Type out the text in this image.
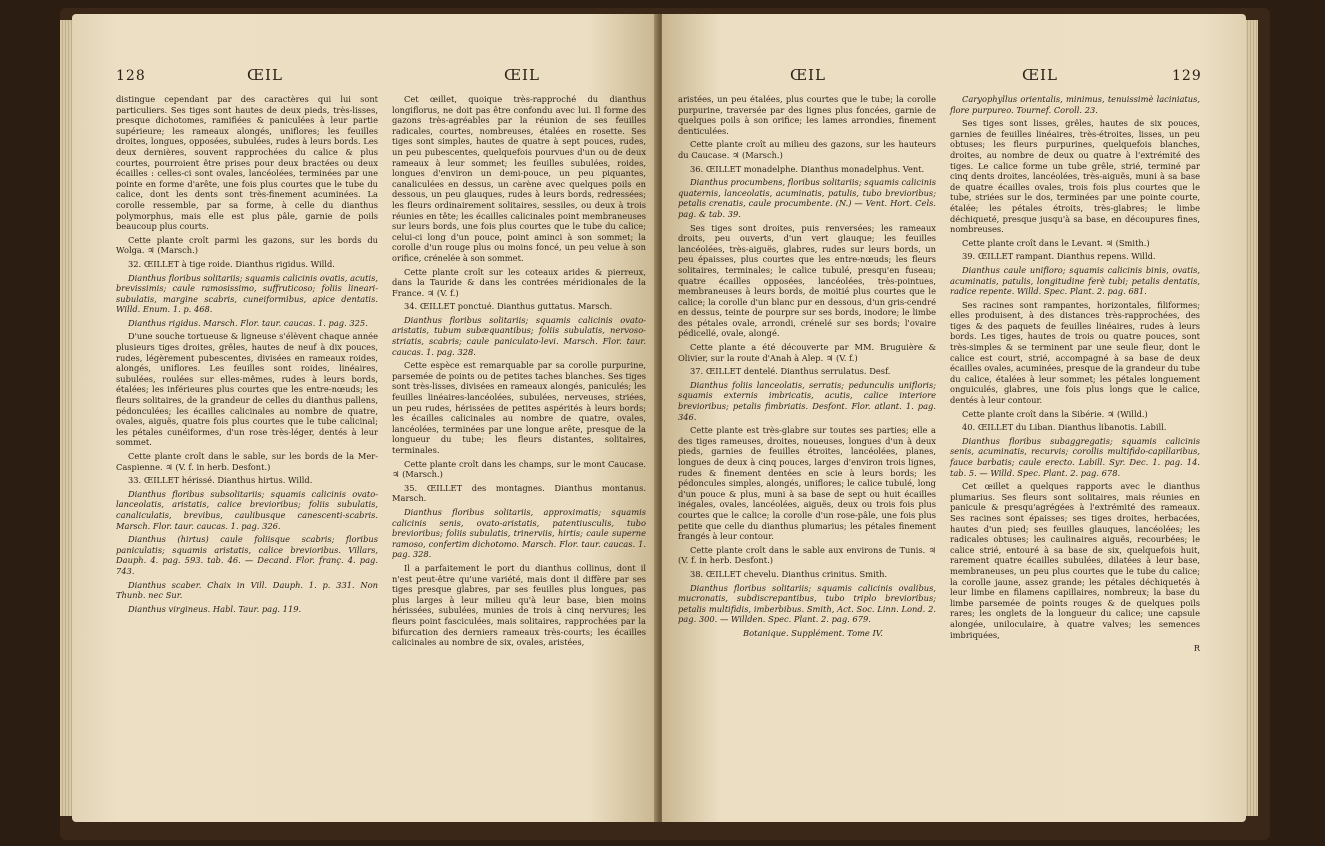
128	ŒIL	ŒIL

distingue cependant par des caractères qui lui sont particuliers. Ses tiges sont hautes de deux pieds, très-lisses, presque dichotomes, ramifiées & paniculées à leur partie supérieure; les rameaux alongés, uniflores; les feuilles droites, longues, opposées, subulées, rudes à leurs bords. Les deux dernières, souvent rapprochées du calice & plus courtes, pourroient être prises pour deux bractées ou deux écailles : celles-ci sont ovales, lancéolées, terminées par une pointe en forme d'arête, une fois plus courtes que le tube du calice, dont les dents sont très-finement acuminées. La corolle ressemble, par sa forme, à celle du dianthus polymorphus, mais elle est plus pâle, garnie de poils beaucoup plus courts.

Cette plante croît parmi les gazons, sur les bords du Wolga. ♃ (Marsch.)

32. ŒILLET à tige roide. Dianthus rigidus. Willd.

Dianthus floribus solitariis; squamis calicinis ovatis, acutis, brevissimis; caule ramosissimo, suffruticoso; foliis lineari-subulatis, margine scabris, cuneiformibus, apice dentatis. Willd. Enum. 1. p. 468.

Dianthus rigidus. Marsch. Flor. taur. caucas. 1. pag. 325.

D'une souche tortueuse & ligneuse s'élèvent chaque année plusieurs tiges droites, grêles, hautes de neuf à dix pouces, rudes, légèrement pubescentes, divisées en rameaux roides, alongés, uniflores. Les feuilles sont roides, linéaires, subulées, roulées sur elles-mêmes, rudes à leurs bords, étalées; les inférieures plus courtes que les entre-nœuds; les fleurs solitaires, de la grandeur de celles du dianthus pallens, pédonculées; les écailles calicinales au nombre de quatre, ovales, aiguës, quatre fois plus courtes que le tube calicinal; les pétales cunéiformes, d'un rose très-léger, dentés à leur sommet.

Cette plante croît dans le sable, sur les bords de la Mer-Caspienne. ♃ (V. f. in herb. Desfont.)

33. ŒILLET hérissé. Dianthus hirtus. Willd.

Dianthus floribus subsolitariis; squamis calicinis ovato-lanceolatis, aristatis, calice brevioribus; foliis subulatis, canaliculatis, brevibus, caulibusque canescenti-scabris. Marsch. Flor. taur. caucas. 1. pag. 326.

Dianthus (hirtus) caule foliisque scabris; floribus paniculatis; squamis aristatis, calice brevioribus. Villars, Dauph. 4. pag. 593. tab. 46. — Decand. Flor. franç. 4. pag. 743.

Dianthus scaber. Chaix in Vill. Dauph. 1. p. 331. Non Thunb. nec Sur.

Dianthus virgineus. Habl. Taur. pag. 119.

Cet œillet, quoique très-rapproché du dianthus longiflorus, ne doit pas être confondu avec lui. Il forme des gazons très-agréables par la réunion de ses feuilles radicales, courtes, nombreuses, étalées en rosette. Ses tiges sont simples, hautes de quatre à sept pouces, rudes, un peu pubescentes, quelquefois pourvues d'un ou de deux rameaux à leur sommet; les feuilles subulées, roides, longues d'environ un demi-pouce, un peu piquantes, canaliculées en dessus, un carène avec quelques poils en dessous, un peu glauques, rudes à leurs bords, redressées; les fleurs ordinairement solitaires, sessiles, ou deux à trois réunies en tête; les écailles calicinales point membraneuses sur leurs bords, une fois plus courtes que le tube du calice; celui-ci long d'un pouce, point aminci à son sommet; la corolle d'un rouge plus ou moins foncé, un peu velue à son orifice, crénelée à son sommet.

Cette plante croît sur les coteaux arides & pierreux, dans la Tauride & dans les contrées méridionales de la France. ♃ (V. f.)

34. ŒILLET ponctué. Dianthus guttatus. Marsch.

Dianthus floribus solitariis; squamis calicinis ovato-aristatis, tubum subæquantibus; foliis subulatis, nervoso-striatis, scabris; caule paniculato-levi. Marsch. Flor. taur. caucas. 1. pag. 328.

Cette espèce est remarquable par sa corolle purpurine, parsemée de points ou de petites taches blanches. Ses tiges sont très-lisses, divisées en rameaux alongés, paniculés; les feuilles linéaires-lancéolées, subulées, nerveuses, striées, un peu rudes, hérissées de petites aspérités à leurs bords; les écailles calicinales au nombre de quatre, ovales, lancéolées, terminées par une longue arête, presque de la longueur du tube; les fleurs distantes, solitaires, terminales.

Cette plante croît dans les champs, sur le mont Caucase. ♃ (Marsch.)

35. ŒILLET des montagnes. Dianthus montanus. Marsch.

Dianthus floribus solitariis, approximatis; squamis calicinis senis, ovato-aristatis, patentiusculis, tubo brevioribus; foliis subulatis, trinerviis, hirtis; caule superne ramoso, confertim dichotomo. Marsch. Flor. taur. caucas. 1. pag. 328.

Il a parfaitement le port du dianthus collinus, dont il n'est peut-être qu'une variété, mais dont il diffère par ses tiges presque glabres, par ses feuilles plus longues, pas plus larges à leur milieu qu'à leur base, bien moins hérissées, subulées, munies de trois à cinq nervures; les fleurs point fasciculées, mais solitaires, rapprochées par la bifurcation des derniers rameaux très-courts; les écailles calicinales au nombre de six, ovales, aristées,

ŒIL	ŒIL	129

aristées, un peu étalées, plus courtes que le tube; la corolle purpurine, traversée par des lignes plus foncées, garnie de quelques poils à son orifice; les lames arrondies, finement denticulées.

Cette plante croît au milieu des gazons, sur les hauteurs du Caucase. ♃ (Marsch.)

36. ŒILLET monadelphe. Dianthus monadelphus. Vent.

Dianthus procumbens, floribus solitariis; squamis calicinis quaternis, lanceolatis, acuminatis, patulis, tubo brevioribus; petalis crenatis, caule procumbente. (N.) — Vent. Hort. Cels. pag. & tab. 39.

Ses tiges sont droites, puis renversées; les rameaux droits, peu ouverts, d'un vert glauque; les feuilles lancéolées, très-aiguës, glabres, rudes sur leurs bords, un peu épaisses, plus courtes que les entre-nœuds; les fleurs solitaires, terminales; le calice tubulé, presqu'en fuseau; quatre écailles opposées, lancéolées, très-pointues, membraneuses à leurs bords, de moitié plus courtes que le calice; la corolle d'un blanc pur en dessous, d'un gris-cendré en dessus, teinte de pourpre sur ses bords, inodore; le limbe des pétales ovale, arrondi, crénelé sur ses bords; l'ovaire pédicellé, ovale, alongé.

Cette plante a été découverte par MM. Bruguière & Olivier, sur la route d'Anah à Alep. ♃ (V. f.)

37. ŒILLET dentelé. Dianthus serrulatus. Desf.

Dianthus foliis lanceolatis, serratis; pedunculis unifloris; squamis externis imbricatis, acutis, calice interiore brevioribus; petalis fimbriatis. Desfont. Flor. atlant. 1. pag. 346.

Cette plante est très-glabre sur toutes ses parties; elle a des tiges rameuses, droites, noueuses, longues d'un à deux pieds, garnies de feuilles étroites, lancéolées, planes, longues de deux à cinq pouces, larges d'environ trois lignes, rudes & finement dentées en scie à leurs bords; les pédoncules simples, alongés, uniflores; le calice tubulé, long d'un pouce & plus, muni à sa base de sept ou huit écailles inégales, ovales, lancéolées, aiguës, deux ou trois fois plus courtes que le calice; la corolle d'un rose-pâle, une fois plus petite que celle du dianthus plumarius; les pétales finement frangés à leur contour.

Cette plante croît dans le sable aux environs de Tunis. ♃ (V. f. in herb. Desfont.)

38. ŒILLET chevelu. Dianthus crinitus. Smith.

Dianthus floribus solitariis; squamis calicinis ovalibus, mucronatis, subdiscrepantibus, tubo triplo brevioribus; petalis multifidis, imberbibus. Smith, Act. Soc. Linn. Lond. 2. pag. 300. — Willden. Spec. Plant. 2. pag. 679.

Botanique. Supplément. Tome IV.

Caryophyllus orientalis, minimus, tenuissimè laciniatus, flore purpureo. Tournef. Coroll. 23.

Ses tiges sont lisses, grêles, hautes de six pouces, garnies de feuilles linéaires, très-étroites, lisses, un peu obtuses; les fleurs purpurines, quelquefois blanches, droites, au nombre de deux ou quatre à l'extrémité des tiges. Le calice forme un tube grêle, strié, terminé par cinq dents droites, lancéolées, très-aiguës, muni à sa base de quatre écailles ovales, trois fois plus courtes que le tube, striées sur le dos, terminées par une pointe courte, étalée; les pétales étroits, très-glabres; le limbe déchiqueté, presque jusqu'à sa base, en découpures fines, nombreuses.

Cette plante croît dans le Levant. ♃ (Smith.)

39. ŒILLET rampant. Dianthus repens. Willd.

Dianthus caule unifloro; squamis calicinis binis, ovatis, acuminatis, patulis, longitudine ferè tubi; petalis dentatis, radice repente. Willd. Spec. Plant. 2. pag. 681.

Ses racines sont rampantes, horizontales, filiformes; elles produisent, à des distances très-rapprochées, des tiges & des paquets de feuilles linéaires, rudes à leurs bords. Les tiges, hautes de trois ou quatre pouces, sont très-simples & se terminent par une seule fleur, dont le calice est court, strié, accompagné à sa base de deux écailles ovales, acuminées, presque de la grandeur du tube du calice, étalées à leur sommet; les pétales longuement onguiculés, glabres, une fois plus longs que le calice, dentés à leur contour.

Cette plante croît dans la Sibérie. ♃ (Willd.)

40. ŒILLET du Liban. Dianthus libanotis. Labill.

Dianthus floribus subaggregatis; squamis calicinis senis, acuminatis, recurvis; corollis multifido-capillaribus, fauce barbatis; caule erecto. Labill. Syr. Dec. 1. pag. 14. tab. 5. — Willd. Spec. Plant. 2. pag. 678.

Cet œillet a quelques rapports avec le dianthus plumarius. Ses fleurs sont solitaires, mais réunies en panicule & presqu'agrégées à l'extrémité des rameaux. Ses racines sont épaisses; ses tiges droites, herbacées, hautes d'un pied; ses feuilles glauques, lancéolées; les radicales obtuses; les caulinaires aiguës, recourbées; le calice strié, entouré à sa base de six, quelquefois huit, rarement quatre écailles subulées, dilatées à leur base, membraneuses, un peu plus courtes que le tube du calice; la corolle jaune, assez grande; les pétales déchiquetés à leur limbe en filamens capillaires, nombreux; la base du limbe parsemée de points rouges & de quelques poils rares; les onglets de la longueur du calice; une capsule alongée, uniloculaire, à quatre valves; les semences imbriquées,

R
